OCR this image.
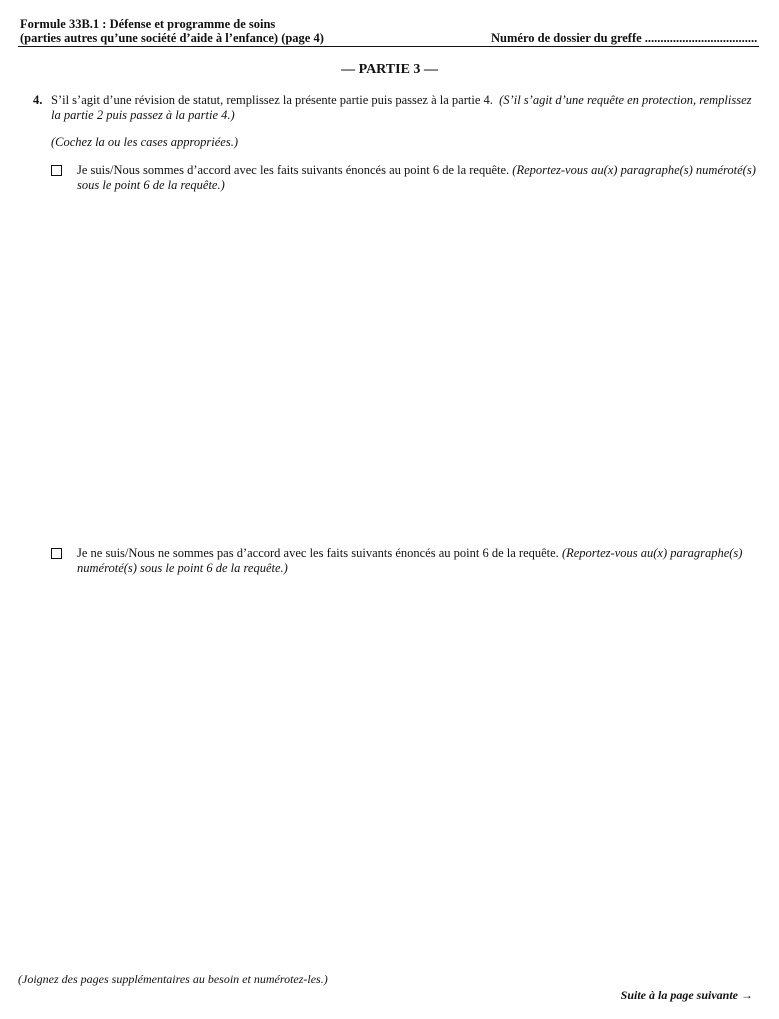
Formule 33B.1 : Défense et programme de soins
(parties autres qu’une société d’aide à l’enfance) (page 4)	Numéro de dossier du greffe ....................................
— PARTIE 3 —
4. S’il s’agit d’une révision de statut, remplissez la présente partie puis passez à la partie 4. (S’il s’agit d’une requête en protection, remplissez la partie 2 puis passez à la partie 4.)
(Cochez la ou les cases appropriées.)
Je suis/Nous sommes d’accord avec les faits suivants énoncés au point 6 de la requête. (Reportez-vous au(x) paragraphe(s) numéroté(s) sous le point 6 de la requête.)
Je ne suis/Nous ne sommes pas d’accord avec les faits suivants énoncés au point 6 de la requête. (Reportez-vous au(x) paragraphe(s) numéroté(s) sous le point 6 de la requête.)
(Joignez des pages supplémentaires au besoin et numérotez-les.)
Suite à la page suivante →
